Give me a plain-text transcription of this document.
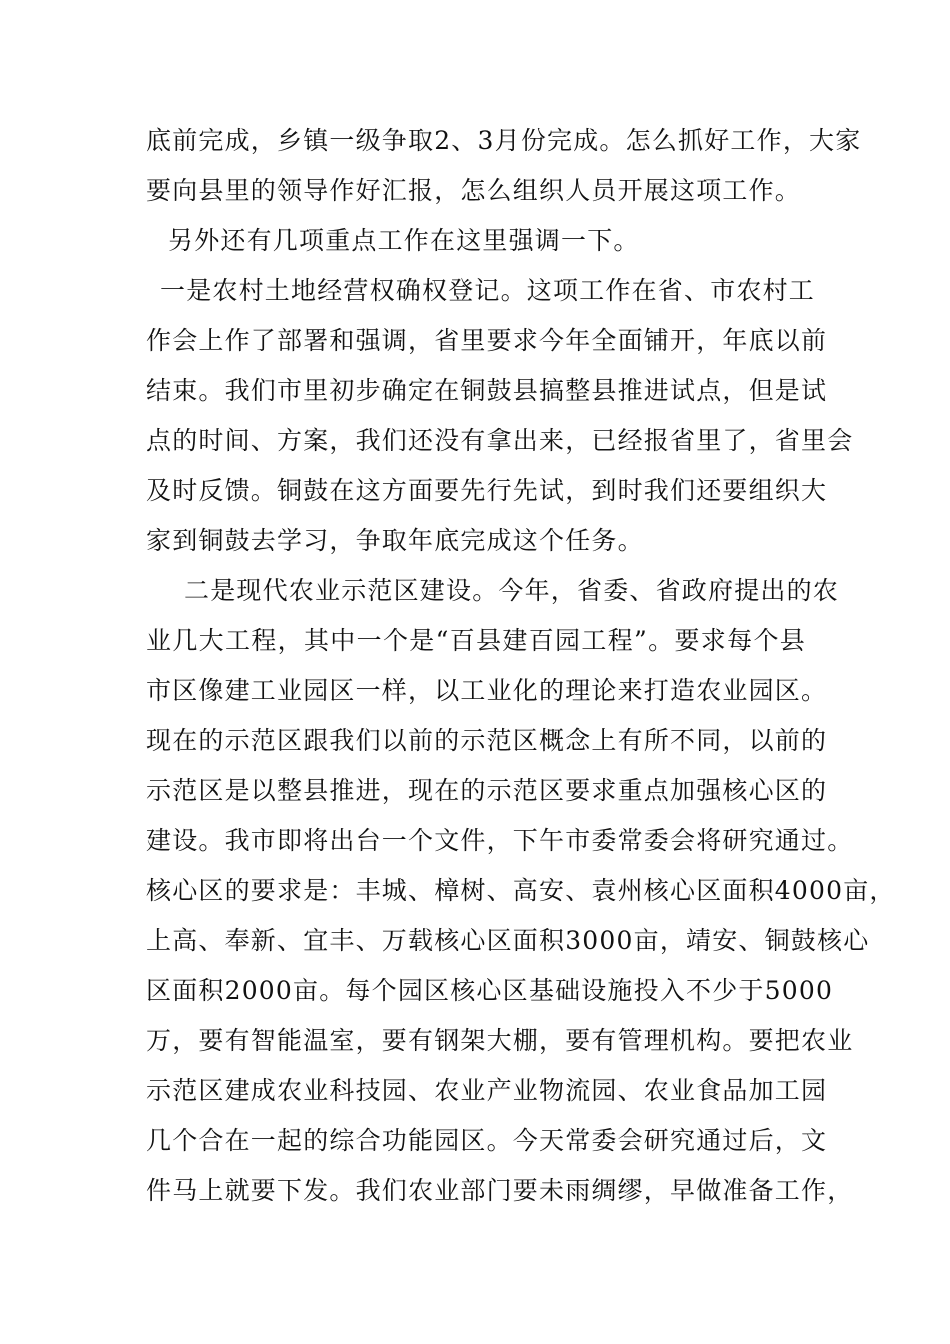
底前完成，乡镇一级争取2、3月份完成。怎么抓好工作，大家
要向县里的领导作好汇报，怎么组织人员开展这项工作。
另外还有几项重点工作在这里强调一下。
一是农村土地经营权确权登记。这项工作在省、市农村工
作会上作了部署和强调，省里要求今年全面铺开，年底以前
结束。我们市里初步确定在铜鼓县搞整县推进试点，但是试
点的时间、方案，我们还没有拿出来，已经报省里了，省里会
及时反馈。铜鼓在这方面要先行先试，到时我们还要组织大
家到铜鼓去学习，争取年底完成这个任务。
二是现代农业示范区建设。今年，省委、省政府提出的农
业几大工程，其中一个是“百县建百园工程”。要求每个县
市区像建工业园区一样，以工业化的理论来打造农业园区。
现在的示范区跟我们以前的示范区概念上有所不同，以前的
示范区是以整县推进，现在的示范区要求重点加强核心区的
建设。我市即将出台一个文件，下午市委常委会将研究通过。
核心区的要求是：丰城、樟树、高安、袁州核心区面积4000亩，
上高、奉新、宜丰、万载核心区面积3000亩，靖安、铜鼓核心
区面积2000亩。每个园区核心区基础设施投入不少于5000
万，要有智能温室，要有钢架大棚，要有管理机构。要把农业
示范区建成农业科技园、农业产业物流园、农业食品加工园
几个合在一起的综合功能园区。今天常委会研究通过后，文
件马上就要下发。我们农业部门要未雨绸缪，早做准备工作，
